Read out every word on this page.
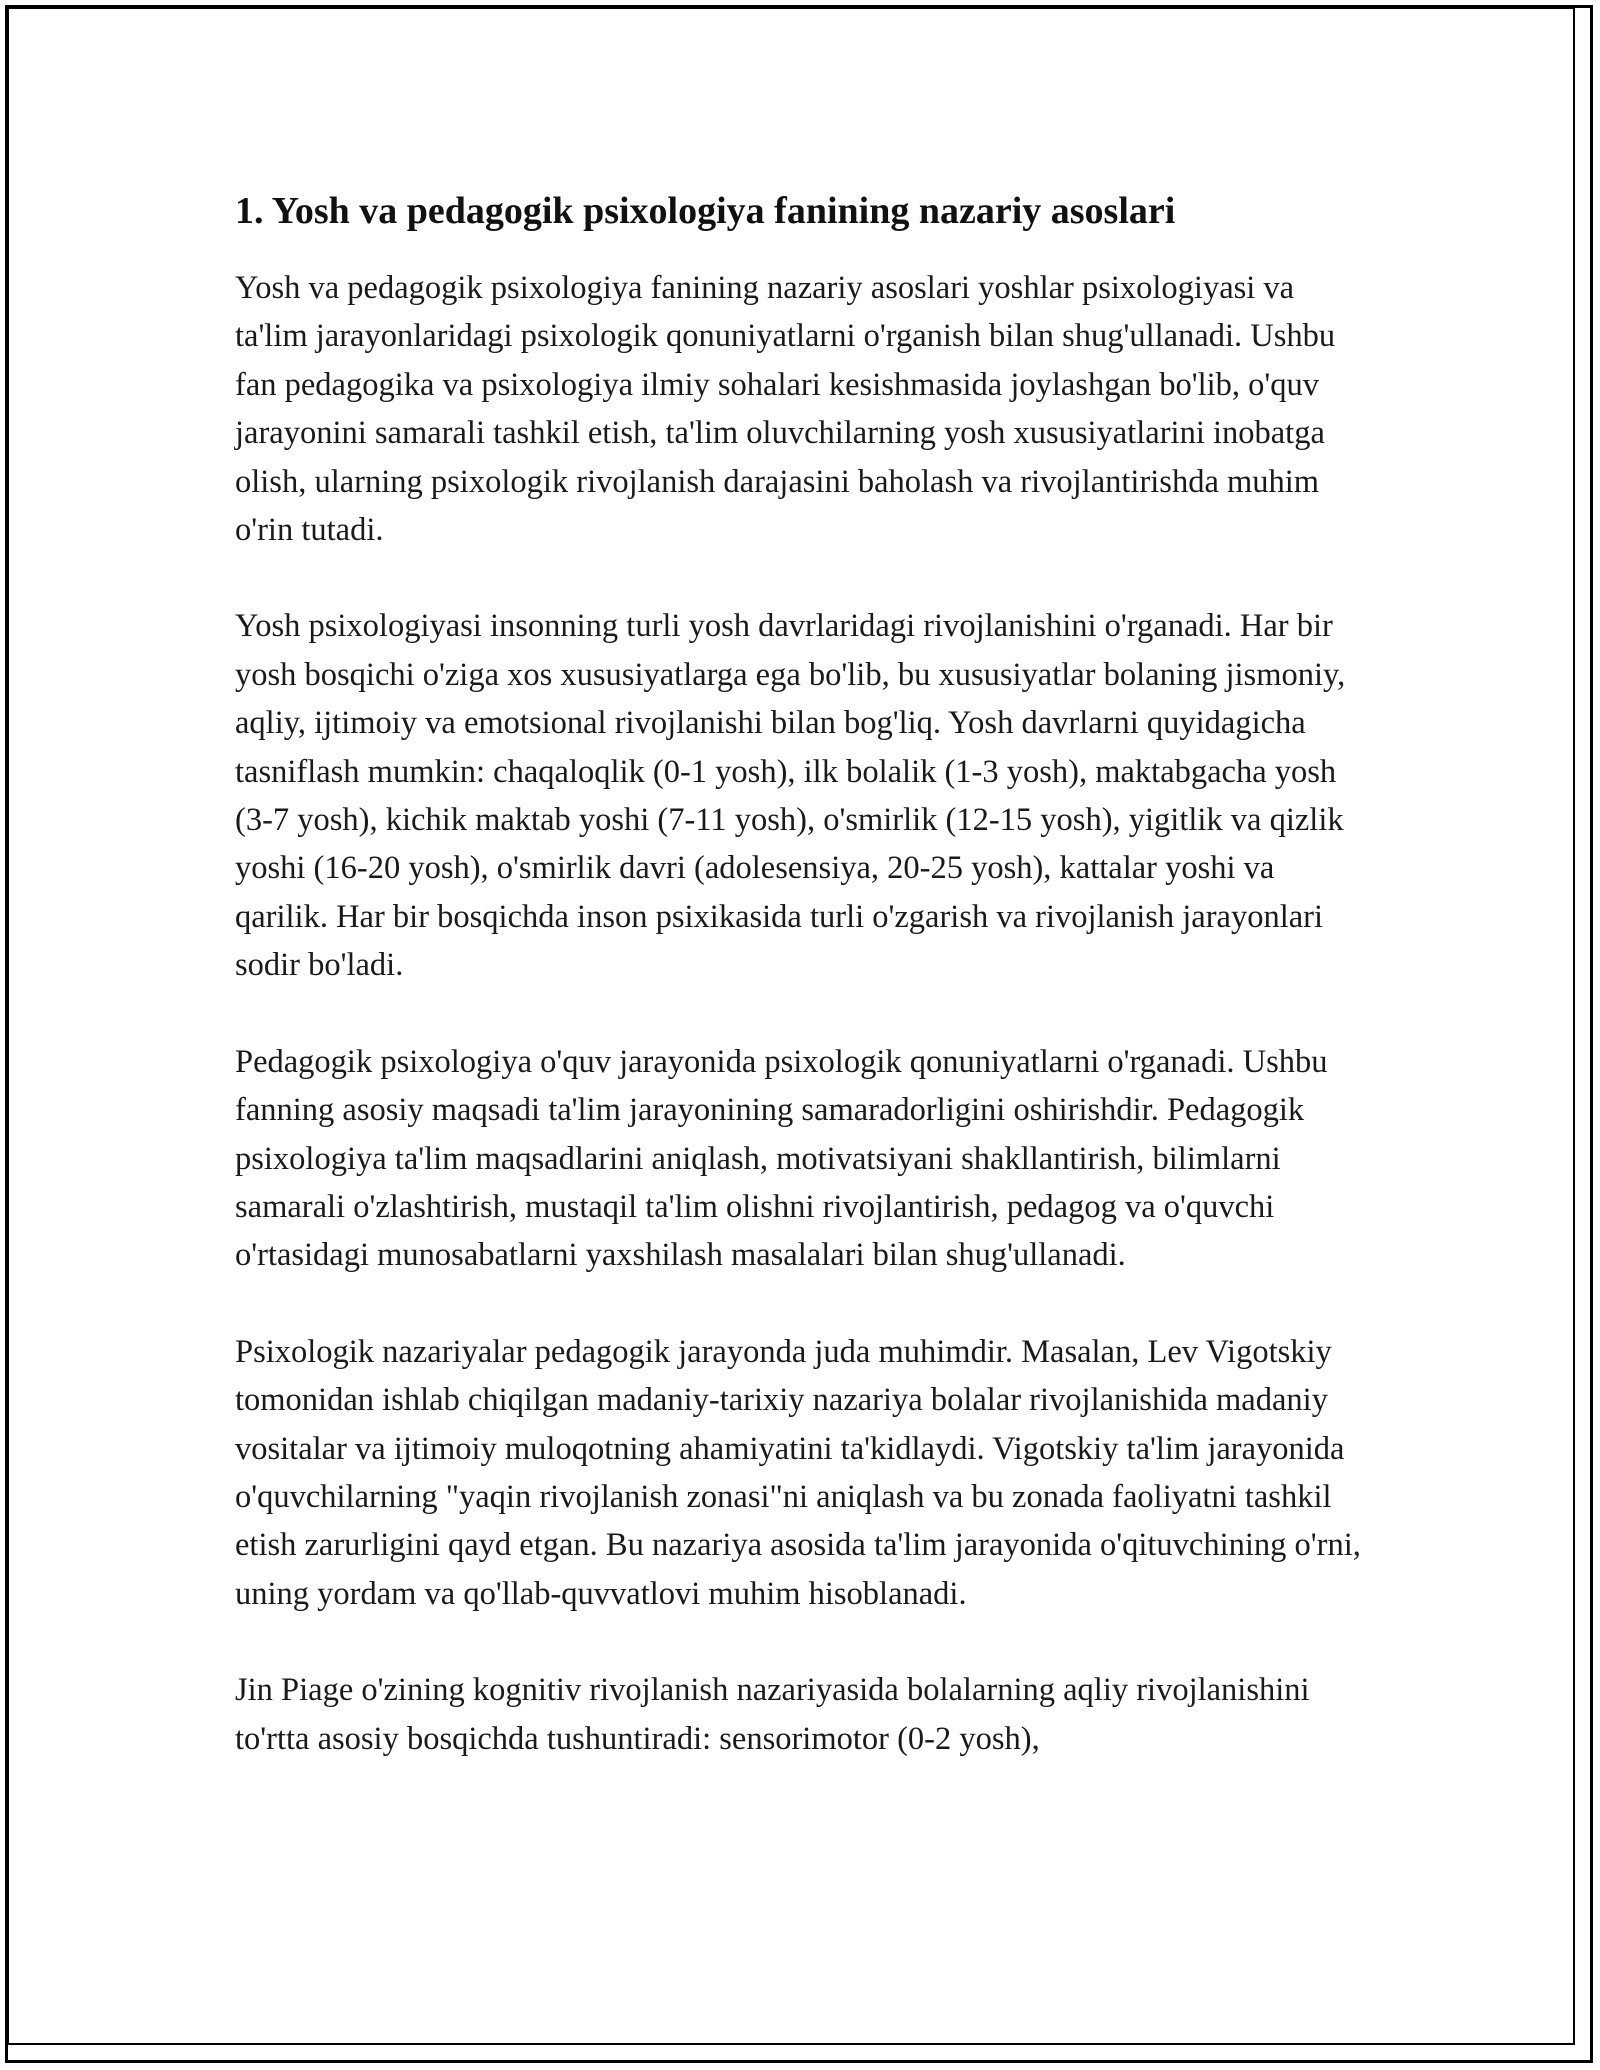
1. Yosh va pedagogik psixologiya fanining nazariy asoslari

Yosh va pedagogik psixologiya fanining nazariy asoslari yoshlar psixologiyasi va ta'lim jarayonlaridagi psixologik qonuniyatlarni o'rganish bilan shug'ullanadi. Ushbu fan pedagogika va psixologiya ilmiy sohalari kesishmasida joylashgan bo'lib, o'quv jarayonini samarali tashkil etish, ta'lim oluvchilarning yosh xususiyatlarini inobatga olish, ularning psixologik rivojlanish darajasini baholash va rivojlantirishda muhim o'rin tutadi.

Yosh psixologiyasi insonning turli yosh davrlaridagi rivojlanishini o'rganadi. Har bir yosh bosqichi o'ziga xos xususiyatlarga ega bo'lib, bu xususiyatlar bolaning jismoniy, aqliy, ijtimoiy va emotsional rivojlanishi bilan bog'liq. Yosh davrlarni quyidagicha tasniflash mumkin: chaqaloqlik (0-1 yosh), ilk bolalik (1-3 yosh), maktabgacha yosh (3-7 yosh), kichik maktab yoshi (7-11 yosh), o'smirlik (12-15 yosh), yigitlik va qizlik yoshi (16-20 yosh), o'smirlik davri (adolesensiya, 20-25 yosh), kattalar yoshi va qarilik. Har bir bosqichda inson psixikasida turli o'zgarish va rivojlanish jarayonlari sodir bo'ladi.

Pedagogik psixologiya o'quv jarayonida psixologik qonuniyatlarni o'rganadi. Ushbu fanning asosiy maqsadi ta'lim jarayonining samaradorligini oshirishdir. Pedagogik psixologiya ta'lim maqsadlarini aniqlash, motivatsiyani shakllantirish, bilimlarni samarali o'zlashtirish, mustaqil ta'lim olishni rivojlantirish, pedagog va o'quvchi o'rtasidagi munosabatlarni yaxshilash masalalari bilan shug'ullanadi.

Psixologik nazariyalar pedagogik jarayonda juda muhimdir. Masalan, Lev Vigotskiy tomonidan ishlab chiqilgan madaniy-tarixiy nazariya bolalar rivojlanishida madaniy vositalar va ijtimoiy muloqotning ahamiyatini ta'kidlaydi. Vigotskiy ta'lim jarayonida o'quvchilarning "yaqin rivojlanish zonasi"ni aniqlash va bu zonada faoliyatni tashkil etish zarurligini qayd etgan. Bu nazariya asosida ta'lim jarayonida o'qituvchining o'rni, uning yordam va qo'llab-quvvatlovi muhim hisoblanadi.

Jin Piage o'zining kognitiv rivojlanish nazariyasida bolalarning aqliy rivojlanishini to'rtta asosiy bosqichda tushuntiradi: sensorimotor (0-2 yosh),
